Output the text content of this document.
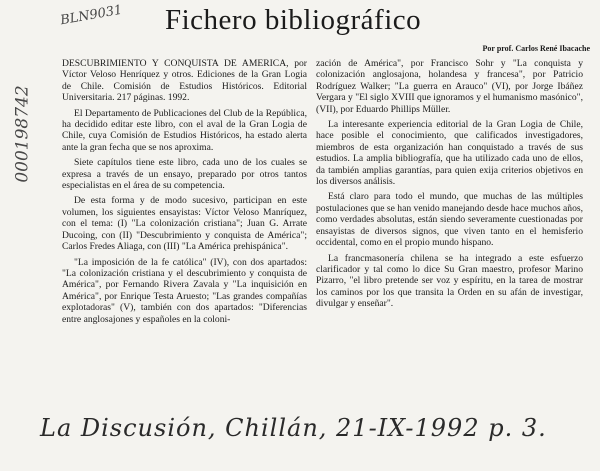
BLN9031
000198742
Fichero bibliográfico
Por prof. Carlos René Ibacache

DESCUBRIMIENTO Y CONQUISTA DE AMERICA, por Víctor Veloso Henríquez y otros. Ediciones de la Gran Logia de Chile. Comisión de Estudios Históricos. Editorial Universitaria. 217 páginas. 1992.

El Departamento de Publicaciones del Club de la República, ha decidido editar este libro, con el aval de la Gran Logia de Chile, cuya Comisión de Estudios Históricos, ha estado alerta ante la gran fecha que se nos aproxima.

Siete capítulos tiene este libro, cada uno de los cuales se expresa a través de un ensayo, preparado por otros tantos especialistas en el área de su competencia.

De esta forma y de modo sucesivo, participan en este volumen, los siguientes ensayistas: Víctor Veloso Manríquez, con el tema: (I) "La colonización cristiana"; Juan G. Arrate Ducoing, con (II) "Descubrimiento y conquista de América"; Carlos Fredes Aliaga, con (III) "La América prehispánica".

"La imposición de la fe católica" (IV), con dos apartados: "La colonización cristiana y el descubrimiento y conquista de América", por Fernando Rivera Zavala y "La inquisición en América", por Enrique Testa Aruesto; "Las grandes compañías explotadoras" (V), también con dos apartados: "Diferencias entre anglosajones y españoles en la coloni-

zación de América", por Francisco Sohr y "La conquista y colonización anglosajona, holandesa y francesa", por Patricio Rodríguez Walker; "La guerra en Arauco" (VI), por Jorge Ibáñez Vergara y "El siglo XVIII que ignoramos y el humanismo masónico", (VII), por Eduardo Phillips Müller.

La interesante experiencia editorial de la Gran Logia de Chile, hace posible el conocimiento, que calificados investigadores, miembros de esta organización han conquistado a través de sus estudios. La amplia bibliografía, que ha utilizado cada uno de ellos, da también amplias garantías, para quien exija criterios objetivos en los diversos análisis.

Está claro para todo el mundo, que muchas de las múltiples postulaciones que se han venido manejando desde hace muchos años, como verdades absolutas, están siendo severamente cuestionadas por ensayistas de diversos signos, que viven tanto en el hemisferio occidental, como en el propio mundo hispano.

La francmasonería chilena se ha integrado a este esfuerzo clarificador y tal como lo dice Su Gran maestro, profesor Marino Pizarro, "el libro pretende ser voz y espíritu, en la tarea de mostrar los caminos por los que transita la Orden en su afán de investigar, divulgar y enseñar".

La Discusión, Chillán, 21-IX-1992 p. 3.
